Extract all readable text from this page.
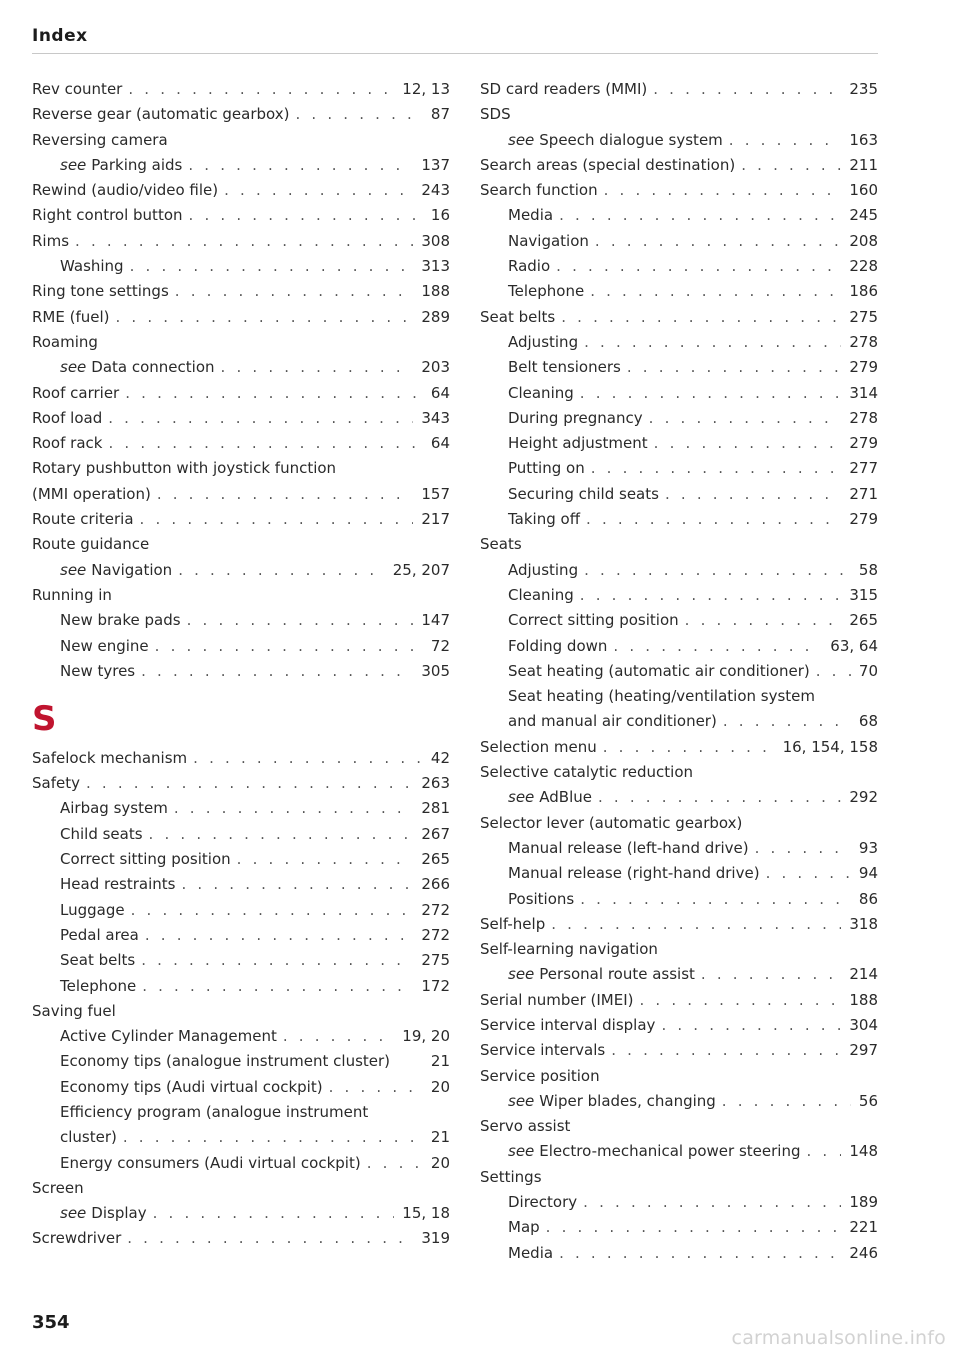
Index
Rev counter . . .	12, 13
Reverse gear (automatic gearbox) . . .	87
Reversing camera
see Parking aids . . .	137
Rewind (audio/video file) . . .	243
Right control button . . .	16
Rims . . .	308
Washing . . .	313
Ring tone settings . . .	188
RME (fuel) . . .	289
Roaming
see Data connection . . .	203
Roof carrier . . .	64
Roof load . . .	343
Roof rack . . .	64
Rotary pushbutton with joystick function
(MMI operation) . . .	157
Route criteria . . .	217
Route guidance
see Navigation . . .	25, 207
Running in
New brake pads . . .	147
New engine . . .	72
New tyres . . .	305
S
Safelock mechanism . . .	42
Safety . . .	263
Airbag system . . .	281
Child seats . . .	267
Correct sitting position . . .	265
Head restraints . . .	266
Luggage . . .	272
Pedal area . . .	272
Seat belts . . .	275
Telephone . . .	172
Saving fuel
Active Cylinder Management . . .	19, 20
Economy tips (analogue instrument cluster)	21
Economy tips (Audi virtual cockpit) . . .	20
Efficiency program (analogue instrument
cluster) . . .	21
Energy consumers (Audi virtual cockpit) . . .	20
Screen
see Display . . .	15, 18
Screwdriver . . .	319
SD card readers (MMI) . . .	235
SDS
see Speech dialogue system . . .	163
Search areas (special destination) . . .	211
Search function . . .	160
Media . . .	245
Navigation . . .	208
Radio . . .	228
Telephone . . .	186
Seat belts . . .	275
Adjusting . . .	278
Belt tensioners . . .	279
Cleaning . . .	314
During pregnancy . . .	278
Height adjustment . . .	279
Putting on . . .	277
Securing child seats . . .	271
Taking off . . .	279
Seats
Adjusting . . .	58
Cleaning . . .	315
Correct sitting position . . .	265
Folding down . . .	63, 64
Seat heating (automatic air conditioner) . . .	70
Seat heating (heating/ventilation system
and manual air conditioner) . . .	68
Selection menu . . .	16, 154, 158
Selective catalytic reduction
see AdBlue . . .	292
Selector lever (automatic gearbox)
Manual release (left-hand drive) . . .	93
Manual release (right-hand drive) . . .	94
Positions . . .	86
Self-help . . .	318
Self-learning navigation
see Personal route assist . . .	214
Serial number (IMEI) . . .	188
Service interval display . . .	304
Service intervals . . .	297
Service position
see Wiper blades, changing . . .	56
Servo assist
see Electro-mechanical power steering . . .	148
Settings
Directory . . .	189
Map . . .	221
Media . . .	246
354
carmanualsonline.info
